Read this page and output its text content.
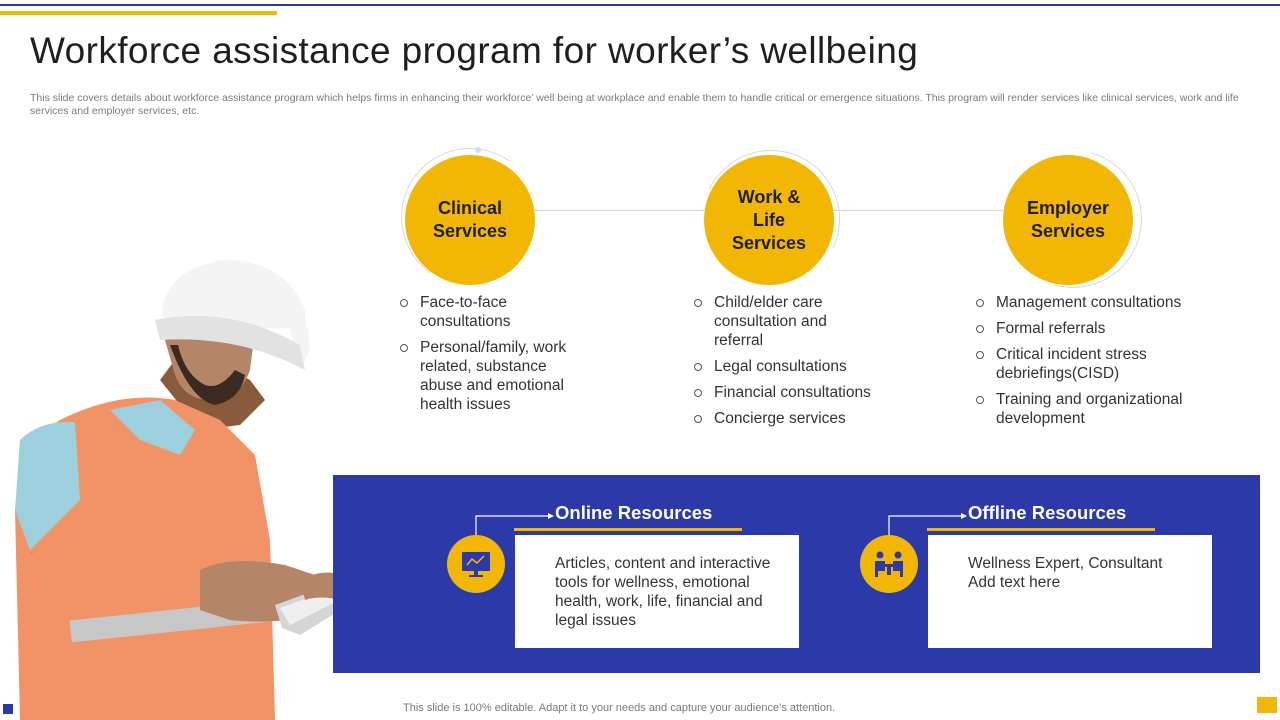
Workforce assistance program for worker’s wellbeing
This slide covers details about workforce assistance program which helps firms in enhancing their workforce' well being at workplace and enable them to handle critical or emergence situations. This program will render services like clinical services, work and life services and employer services, etc.
Clinical Services
Work & Life Services
Employer Services
Face-to-face consultations
Personal/family, work related, substance abuse and emotional health issues
Child/elder care consultation and referral
Legal consultations
Financial consultations
Concierge services
Management consultations
Formal referrals
Critical incident stress debriefings(CISD)
Training and organizational development
Online Resources
Articles, content and interactive tools for wellness, emotional health, work, life, financial and legal issues
Offline Resources
Wellness Expert, Consultant Add text here
This slide is 100% editable. Adapt it to your needs and capture your audience’s attention.
